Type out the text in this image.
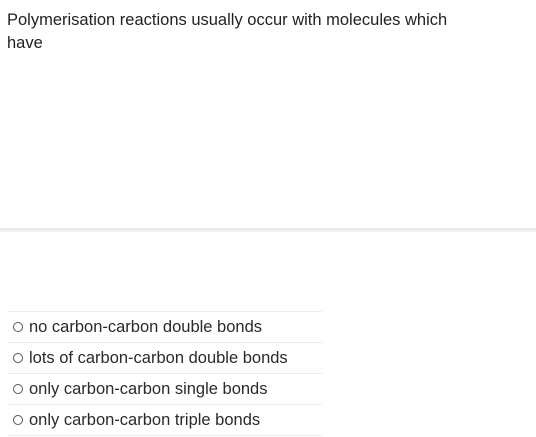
Polymerisation reactions usually occur with molecules which have
no carbon-carbon double bonds
lots of carbon-carbon double bonds
only carbon-carbon single bonds
only carbon-carbon triple bonds
